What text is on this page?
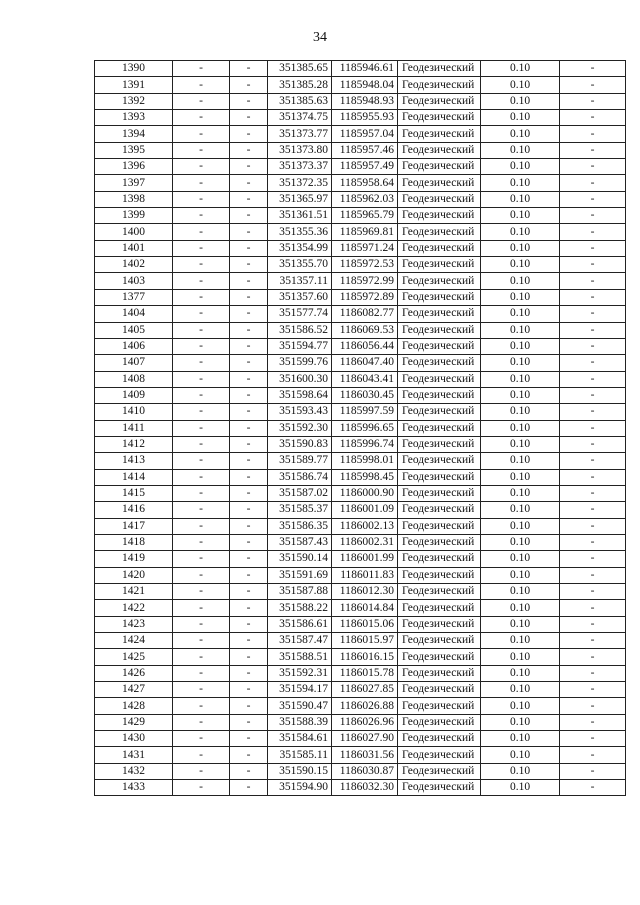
34
1390	-	-	351385.65	1185946.61	Геодезический	0.10	-
1391	-	-	351385.28	1185948.04	Геодезический	0.10	-
1392	-	-	351385.63	1185948.93	Геодезический	0.10	-
1393	-	-	351374.75	1185955.93	Геодезический	0.10	-
1394	-	-	351373.77	1185957.04	Геодезический	0.10	-
1395	-	-	351373.80	1185957.46	Геодезический	0.10	-
1396	-	-	351373.37	1185957.49	Геодезический	0.10	-
1397	-	-	351372.35	1185958.64	Геодезический	0.10	-
1398	-	-	351365.97	1185962.03	Геодезический	0.10	-
1399	-	-	351361.51	1185965.79	Геодезический	0.10	-
1400	-	-	351355.36	1185969.81	Геодезический	0.10	-
1401	-	-	351354.99	1185971.24	Геодезический	0.10	-
1402	-	-	351355.70	1185972.53	Геодезический	0.10	-
1403	-	-	351357.11	1185972.99	Геодезический	0.10	-
1377	-	-	351357.60	1185972.89	Геодезический	0.10	-
1404	-	-	351577.74	1186082.77	Геодезический	0.10	-
1405	-	-	351586.52	1186069.53	Геодезический	0.10	-
1406	-	-	351594.77	1186056.44	Геодезический	0.10	-
1407	-	-	351599.76	1186047.40	Геодезический	0.10	-
1408	-	-	351600.30	1186043.41	Геодезический	0.10	-
1409	-	-	351598.64	1186030.45	Геодезический	0.10	-
1410	-	-	351593.43	1185997.59	Геодезический	0.10	-
1411	-	-	351592.30	1185996.65	Геодезический	0.10	-
1412	-	-	351590.83	1185996.74	Геодезический	0.10	-
1413	-	-	351589.77	1185998.01	Геодезический	0.10	-
1414	-	-	351586.74	1185998.45	Геодезический	0.10	-
1415	-	-	351587.02	1186000.90	Геодезический	0.10	-
1416	-	-	351585.37	1186001.09	Геодезический	0.10	-
1417	-	-	351586.35	1186002.13	Геодезический	0.10	-
1418	-	-	351587.43	1186002.31	Геодезический	0.10	-
1419	-	-	351590.14	1186001.99	Геодезический	0.10	-
1420	-	-	351591.69	1186011.83	Геодезический	0.10	-
1421	-	-	351587.88	1186012.30	Геодезический	0.10	-
1422	-	-	351588.22	1186014.84	Геодезический	0.10	-
1423	-	-	351586.61	1186015.06	Геодезический	0.10	-
1424	-	-	351587.47	1186015.97	Геодезический	0.10	-
1425	-	-	351588.51	1186016.15	Геодезический	0.10	-
1426	-	-	351592.31	1186015.78	Геодезический	0.10	-
1427	-	-	351594.17	1186027.85	Геодезический	0.10	-
1428	-	-	351590.47	1186026.88	Геодезический	0.10	-
1429	-	-	351588.39	1186026.96	Геодезический	0.10	-
1430	-	-	351584.61	1186027.90	Геодезический	0.10	-
1431	-	-	351585.11	1186031.56	Геодезический	0.10	-
1432	-	-	351590.15	1186030.87	Геодезический	0.10	-
1433	-	-	351594.90	1186032.30	Геодезический	0.10	-
